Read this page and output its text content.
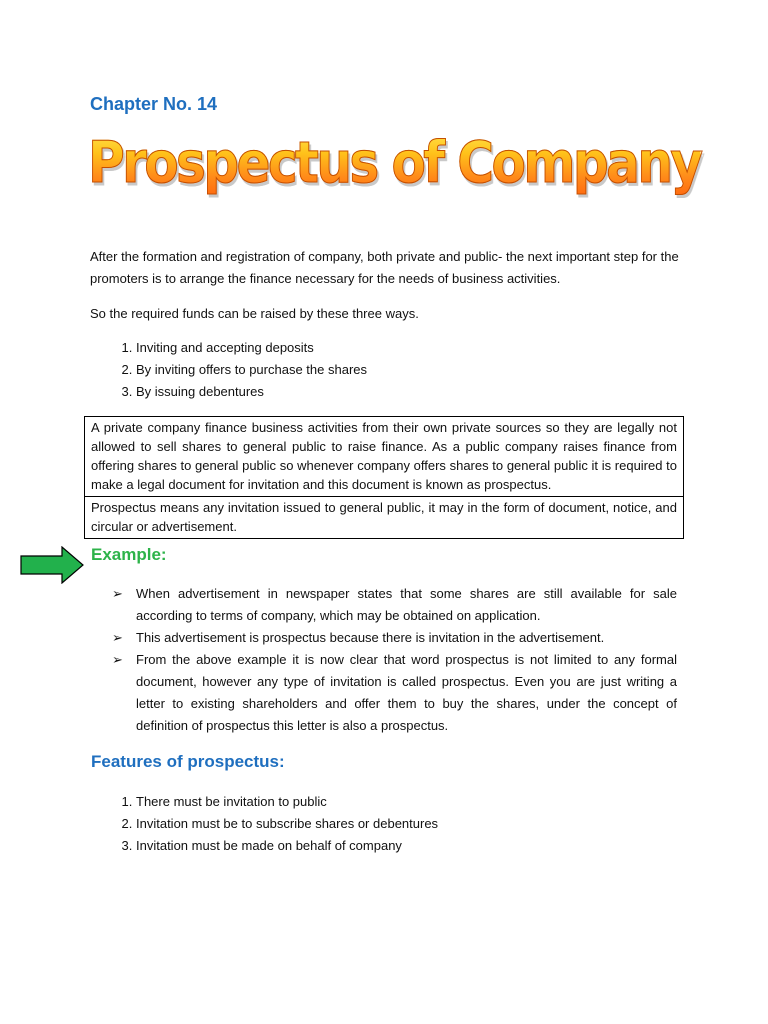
Chapter No. 14
Prospectus of Company

After the formation and registration of company, both private and public- the next important step for the promoters is to arrange the finance necessary for the needs of business activities.

So the required funds can be raised by these three ways.

1. Inviting and accepting deposits
2. By inviting offers to purchase the shares
3. By issuing debentures
A private company finance business activities from their own private sources so they are legally not allowed to sell shares to general public to raise finance. As a public company raises finance from offering shares to general public so whenever company offers shares to general public it is required to make a legal document for invitation and this document is known as prospectus.
Prospectus means any invitation issued to general public, it may in the form of document, notice, and circular or advertisement.
Example:
➢ When advertisement in newspaper states that some shares are still available for sale according to terms of company, which may be obtained on application.
➢ This advertisement is prospectus because there is invitation in the advertisement.
➢ From the above example it is now clear that word prospectus is not limited to any formal document, however any type of invitation is called prospectus. Even you are just writing a letter to existing shareholders and offer them to buy the shares, under the concept of definition of prospectus this letter is also a prospectus.
Features of prospectus:
1. There must be invitation to public
2. Invitation must be to subscribe shares or debentures
3. Invitation must be made on behalf of company
